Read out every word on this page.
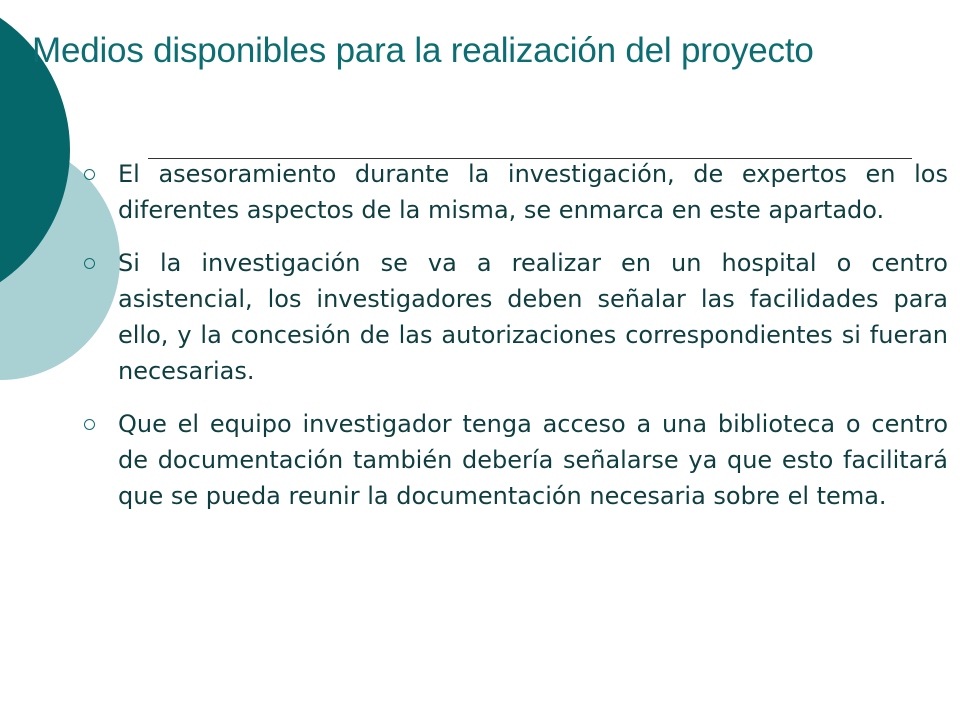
Medios disponibles para la realización del proyecto
El asesoramiento durante la investigación, de expertos en los diferentes aspectos de la misma, se enmarca en este apartado.
Si la investigación se va a realizar en un hospital o centro asistencial, los investigadores deben señalar las facilidades para ello, y la concesión de las autorizaciones correspondientes si fueran necesarias.
Que el equipo investigador tenga acceso a una biblioteca o centro de documentación también debería señalarse ya que esto facilitará que se pueda reunir la documentación necesaria sobre el tema.
